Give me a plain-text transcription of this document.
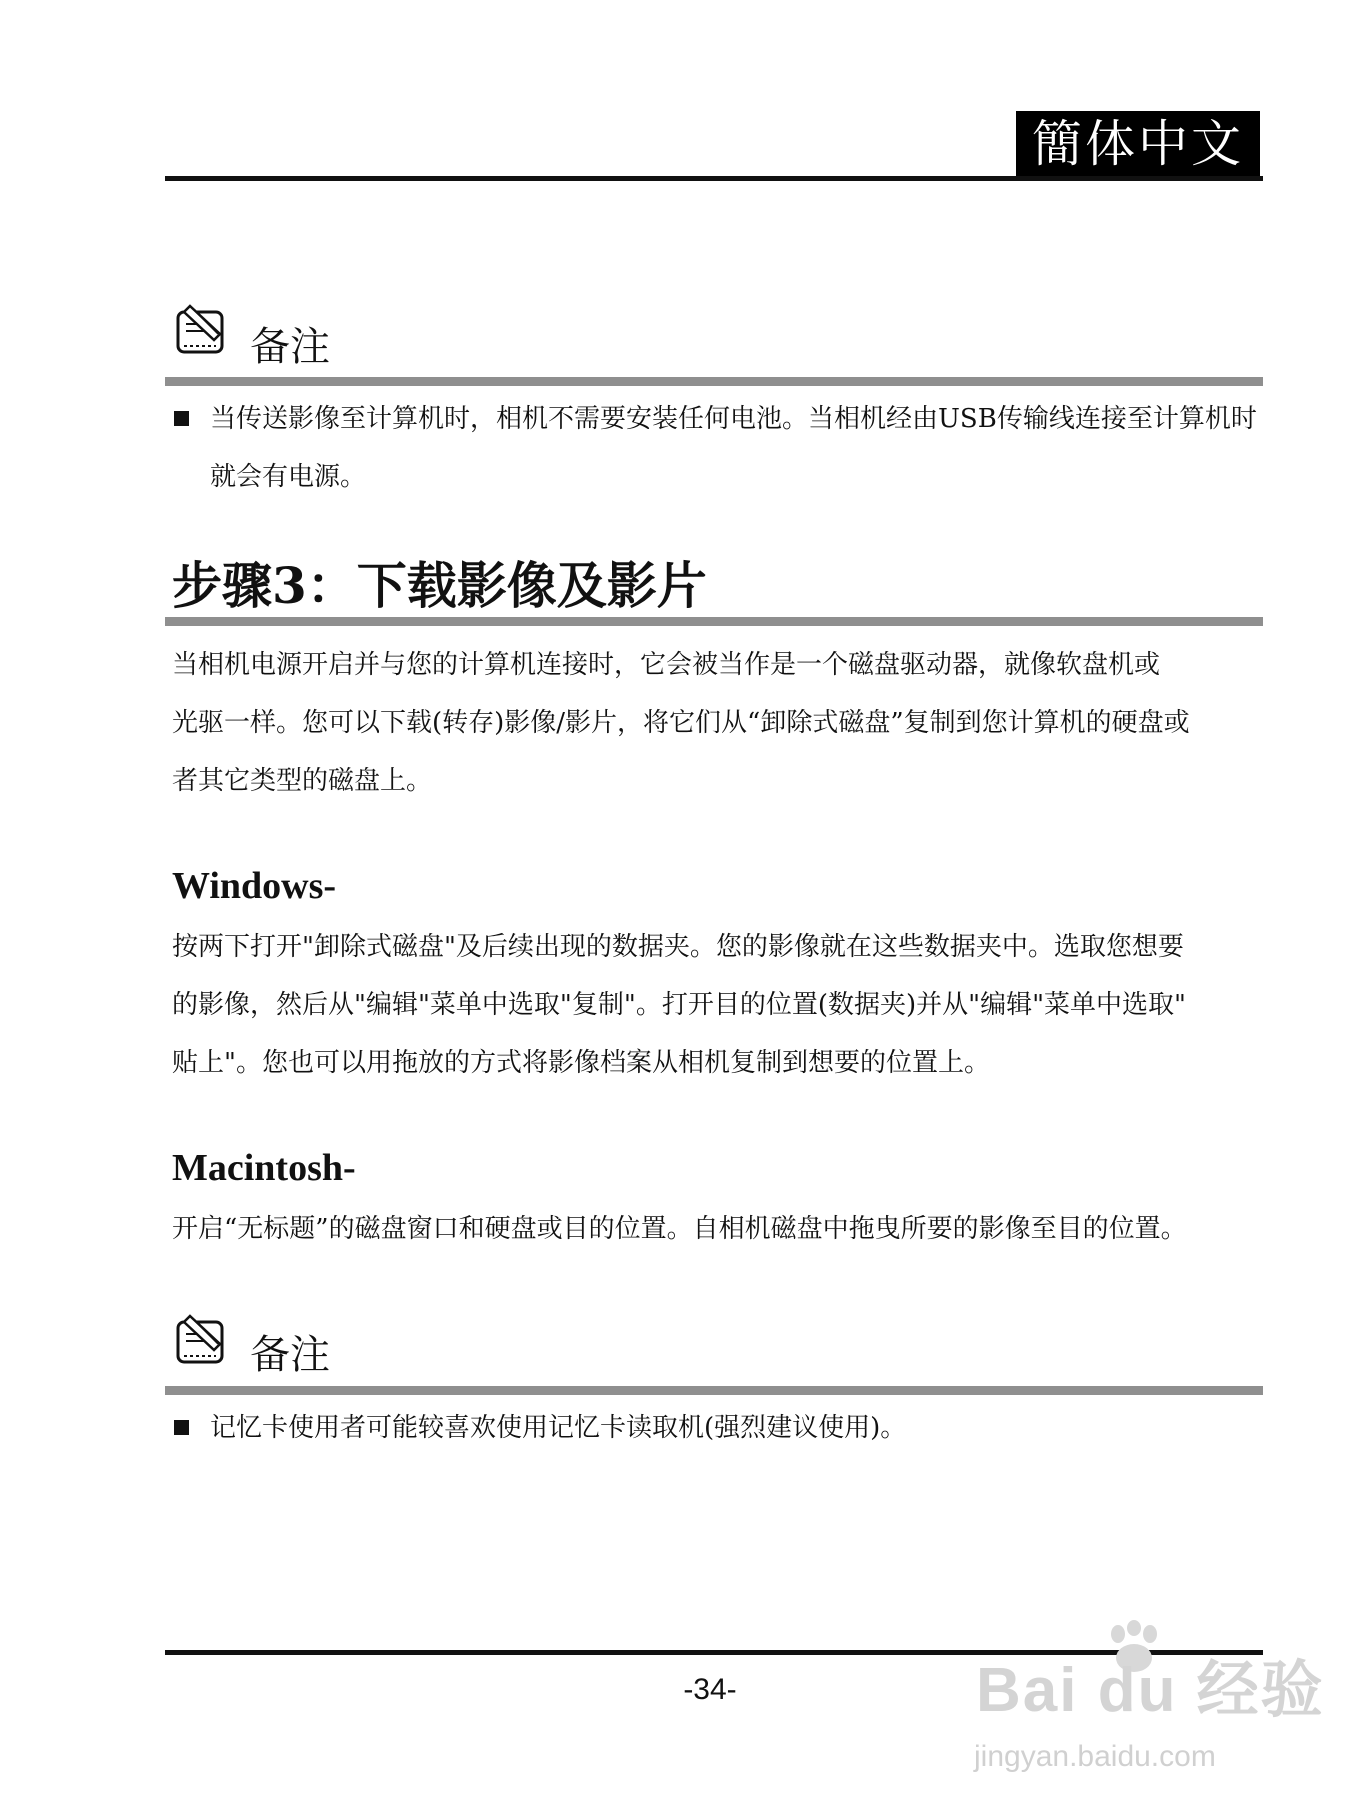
簡体中文
备注
当传送影像至计算机时，相机不需要安装任何电池。当相机经由USB传输线连接至计算机时就会有电源。
步骤3：下载影像及影片
当相机电源开启并与您的计算机连接时，它会被当作是一个磁盘驱动器，就像软盘机或
光驱一样。您可以下载(转存)影像/影片，将它们从“卸除式磁盘”复制到您计算机的硬盘或
者其它类型的磁盘上。
Windows-
按两下打开"卸除式磁盘"及后续出现的数据夹。您的影像就在这些数据夹中。选取您想要
的影像，然后从"编辑"菜单中选取"复制"。打开目的位置(数据夹)并从"编辑"菜单中选取"
贴上"。您也可以用拖放的方式将影像档案从相机复制到想要的位置上。
Macintosh-
开启“无标题”的磁盘窗口和硬盘或目的位置。自相机磁盘中拖曳所要的影像至目的位置。
备注
记忆卡使用者可能较喜欢使用记忆卡读取机(强烈建议使用)。
-34-	Bai du 经验
jingyan.baidu.com
